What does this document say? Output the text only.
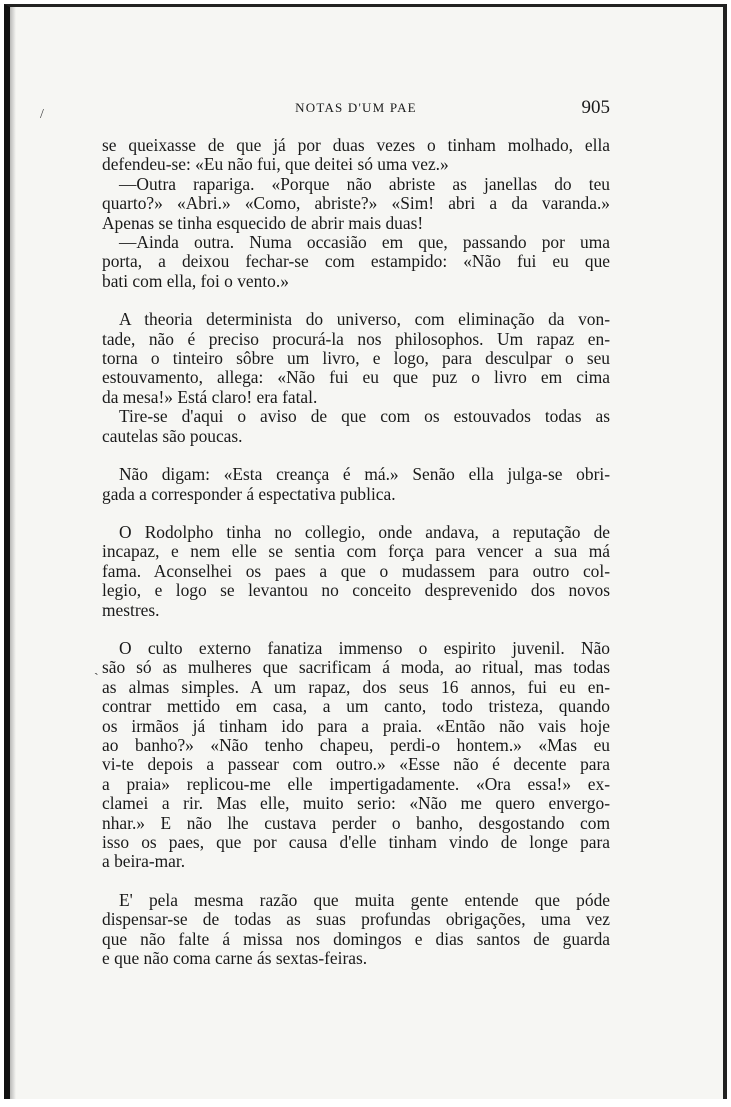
NOTAS D'UM PAE	905
se queixasse de que já por duas vezes o tinham molhado, ella
defendeu-se: «Eu não fui, que deitei só uma vez.»
—Outra rapariga. «Porque não abriste as janellas do teu
quarto?» «Abri.» «Como, abriste?» «Sim! abri a da varanda.»
Apenas se tinha esquecido de abrir mais duas!
—Ainda outra. Numa occasião em que, passando por uma
porta, a deixou fechar-se com estampido: «Não fui eu que
bati com ella, foi o vento.»
A theoria determinista do universo, com eliminação da von-
tade, não é preciso procurá-la nos philosophos. Um rapaz en-
torna o tinteiro sôbre um livro, e logo, para desculpar o seu
estouvamento, allega: «Não fui eu que puz o livro em cima
da mesa!» Está claro! era fatal.
Tire-se d'aqui o aviso de que com os estouvados todas as
cautelas são poucas.
Não digam: «Esta creança é má.» Senão ella julga-se obri-
gada a corresponder á espectativa publica.
O Rodolpho tinha no collegio, onde andava, a reputação de
incapaz, e nem elle se sentia com força para vencer a sua má
fama. Aconselhei os paes a que o mudassem para outro col-
legio, e logo se levantou no conceito desprevenido dos novos
mestres.
O culto externo fanatiza immenso o espirito juvenil. Não
são só as mulheres que sacrificam á moda, ao ritual, mas todas
as almas simples. A um rapaz, dos seus 16 annos, fui eu en-
contrar mettido em casa, a um canto, todo tristeza, quando
os irmãos já tinham ido para a praia. «Então não vais hoje
ao banho?» «Não tenho chapeu, perdi-o hontem.» «Mas eu
vi-te depois a passear com outro.» «Esse não é decente para
a praia» replicou-me elle impertigadamente. «Ora essa!» ex-
clamei a rir. Mas elle, muito serio: «Não me quero envergo-
nhar.» E não lhe custava perder o banho, desgostando com
isso os paes, que por causa d'elle tinham vindo de longe para
a beira-mar.
E' pela mesma razão que muita gente entende que póde
dispensar-se de todas as suas profundas obrigações, uma vez
que não falte á missa nos domingos e dias santos de guarda
e que não coma carne ás sextas-feiras.
/
ˎ
